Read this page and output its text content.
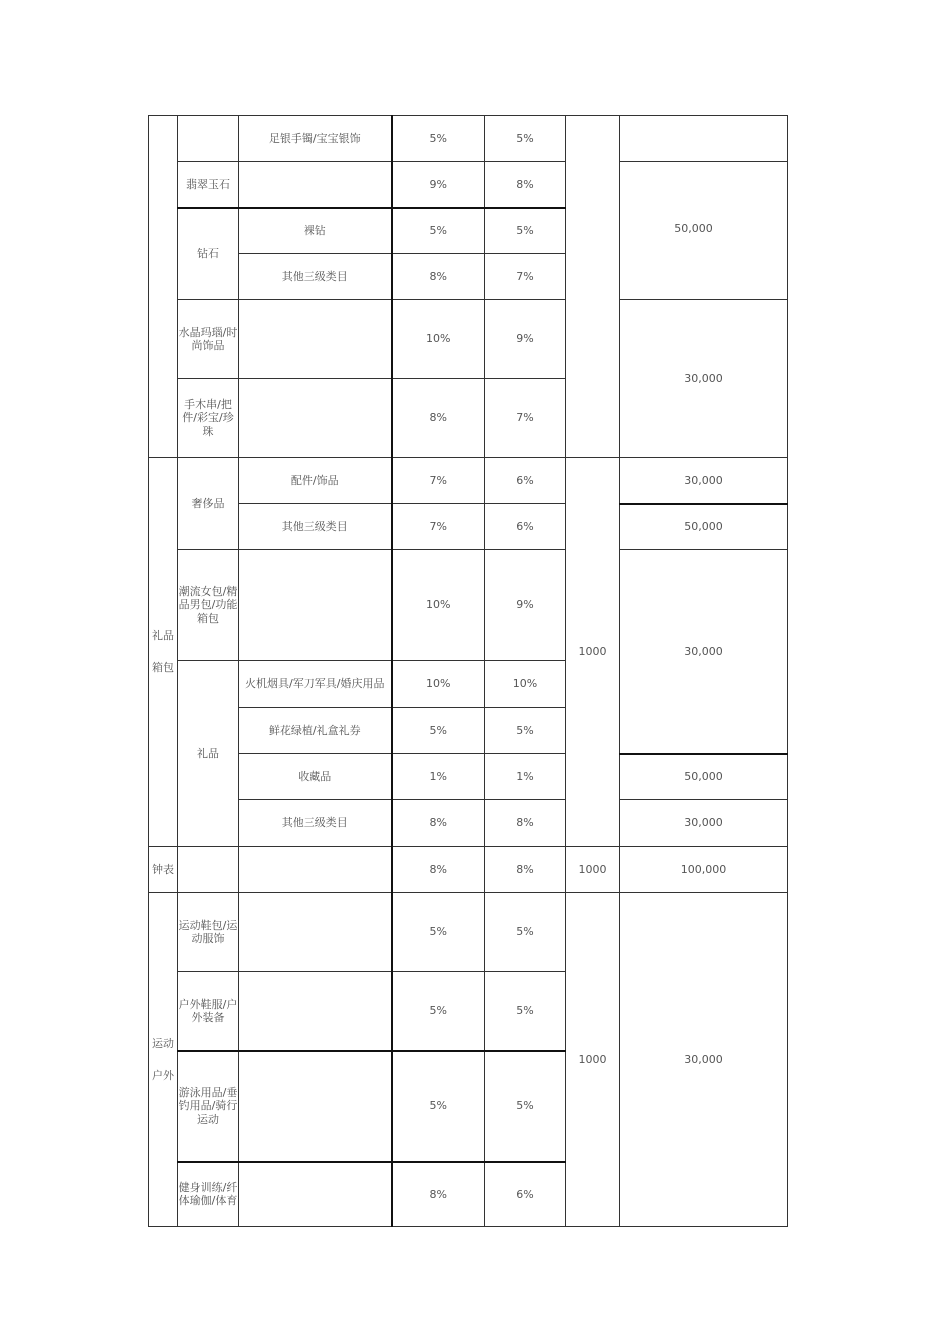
		足银手镯/宝宝银饰	5%	5%		
	翡翠玉石		9%	8%		50,000
	钻石	裸钻	5%	5%		
		其他三级类目	8%	7%		
	水晶玛瑙/时尚饰品		10%	9%		30,000
	手木串/把件/彩宝/珍珠		8%	7%		
礼品箱包	奢侈品	配件/饰品	7%	6%	1000	30,000
		其他三级类目	7%	6%		50,000
	潮流女包/精品男包/功能箱包		10%	9%		30,000
	礼品	火机烟具/军刀军具/婚庆用品	10%	10%		
		鲜花绿植/礼盒礼券	5%	5%		
		收藏品	1%	1%		50,000
		其他三级类目	8%	8%		30,000
钟表			8%	8%	1000	100,000
运动户外	运动鞋包/运动服饰		5%	5%	1000	30,000
	户外鞋服/户外装备		5%	5%		
	游泳用品/垂钓用品/骑行运动		5%	5%		
	健身训练/纤体瑜伽/体育		8%	6%		
